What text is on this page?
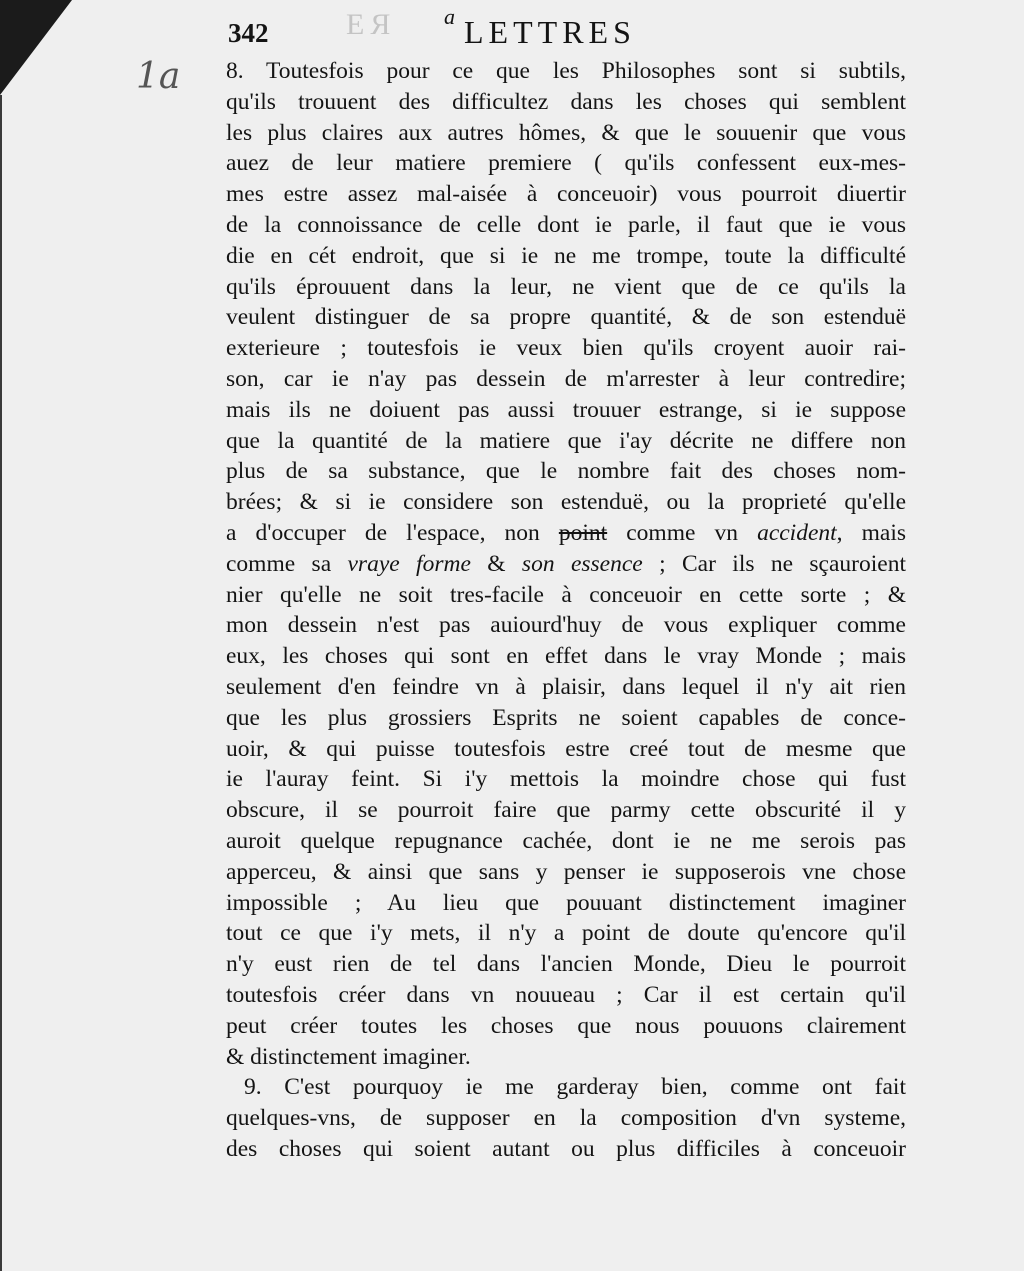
1a
342	ЕЯ a LETTRES
8. Toutesfois pour ce que les Philosophes sont si subtils,
qu'ils trouuent des difficultez dans les choses qui semblent
les plus claires aux autres hômes, & que le souuenir que vous
auez de leur matiere premiere ( qu'ils confessent eux-mes-
mes estre assez mal-aisée à conceuoir) vous pourroit diuertir
de la connoissance de celle dont ie parle, il faut que ie vous
die en cét endroit, que si ie ne me trompe, toute la difficulté
qu'ils éprouuent dans la leur, ne vient que de ce qu'ils la
veulent distinguer de sa propre quantité, & de son estenduë
exterieure ; toutesfois ie veux bien qu'ils croyent auoir rai-
son, car ie n'ay pas dessein de m'arrester à leur contredire;
mais ils ne doiuent pas aussi trouuer estrange, si ie suppose
que la quantité de la matiere que i'ay décrite ne differe non
plus de sa substance, que le nombre fait des choses nom-
brées; & si ie considere son estenduë, ou la proprieté qu'elle
a d'occuper de l'espace, non point comme vn accident, mais
comme sa vraye forme & son essence ; Car ils ne sçauroient
nier qu'elle ne soit tres-facile à conceuoir en cette sorte ; &
mon dessein n'est pas auiourd'huy de vous expliquer comme
eux, les choses qui sont en effet dans le vray Monde ; mais
seulement d'en feindre vn à plaisir, dans lequel il n'y ait rien
que les plus grossiers Esprits ne soient capables de conce-
uoir, & qui puisse toutesfois estre creé tout de mesme que
ie l'auray feint. Si i'y mettois la moindre chose qui fust
obscure, il se pourroit faire que parmy cette obscurité il y
auroit quelque repugnance cachée, dont ie ne me serois pas
apperceu, & ainsi que sans y penser ie supposerois vne chose
impossible ; Au lieu que pouuant distinctement imaginer
tout ce que i'y mets, il n'y a point de doute qu'encore qu'il
n'y eust rien de tel dans l'ancien Monde, Dieu le pourroit
toutesfois créer dans vn nouueau ; Car il est certain qu'il
peut créer toutes les choses que nous pouuons clairement
& distinctement imaginer.
9. C'est pourquoy ie me garderay bien, comme ont fait
quelques-vns, de supposer en la composition d'vn systeme,
des choses qui soient autant ou plus difficiles à conceuoir
